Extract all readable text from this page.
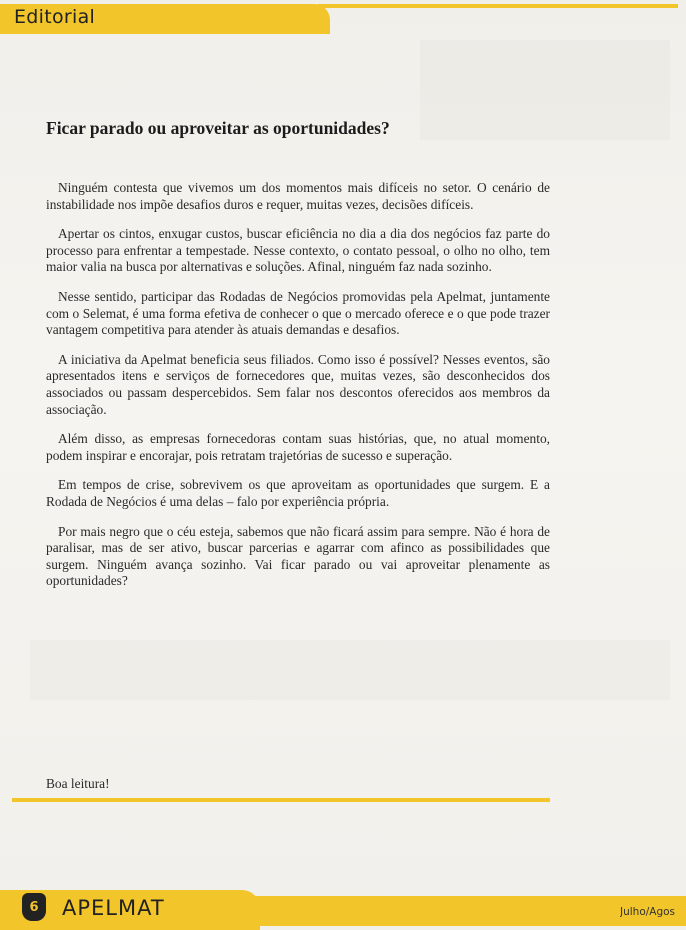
Editorial
Ficar parado ou aproveitar as oportunidades?

Ninguém contesta que vivemos um dos momentos mais difíceis no setor. O cenário de instabilidade nos impõe desafios duros e requer, muitas vezes, decisões difíceis.

Apertar os cintos, enxugar custos, buscar eficiência no dia a dia dos negócios faz parte do processo para enfrentar a tempestade. Nesse contexto, o contato pessoal, o olho no olho, tem maior valia na busca por alternativas e soluções. Afinal, ninguém faz nada sozinho.

Nesse sentido, participar das Rodadas de Negócios promovidas pela Apelmat, juntamente com o Selemat, é uma forma efetiva de conhecer o que o mercado oferece e o que pode trazer vantagem competitiva para atender às atuais demandas e desafios.

A iniciativa da Apelmat beneficia seus filiados. Como isso é possível? Nesses eventos, são apresentados itens e serviços de fornecedores que, muitas vezes, são desconhecidos dos associados ou passam despercebidos. Sem falar nos descontos oferecidos aos membros da associação.

Além disso, as empresas fornecedoras contam suas histórias, que, no atual momento, podem inspirar e encorajar, pois retratam trajetórias de sucesso e superação.

Em tempos de crise, sobrevivem os que aproveitam as oportunidades que surgem. E a Rodada de Negócios é uma delas – falo por experiência própria.

Por mais negro que o céu esteja, sabemos que não ficará assim para sempre. Não é hora de paralisar, mas de ser ativo, buscar parcerias e agarrar com afinco as possibilidades que surgem. Ninguém avança sozinho. Vai ficar parado ou vai aproveitar plenamente as oportunidades?

Boa leitura!
6	APELMAT	Julho/Agos
